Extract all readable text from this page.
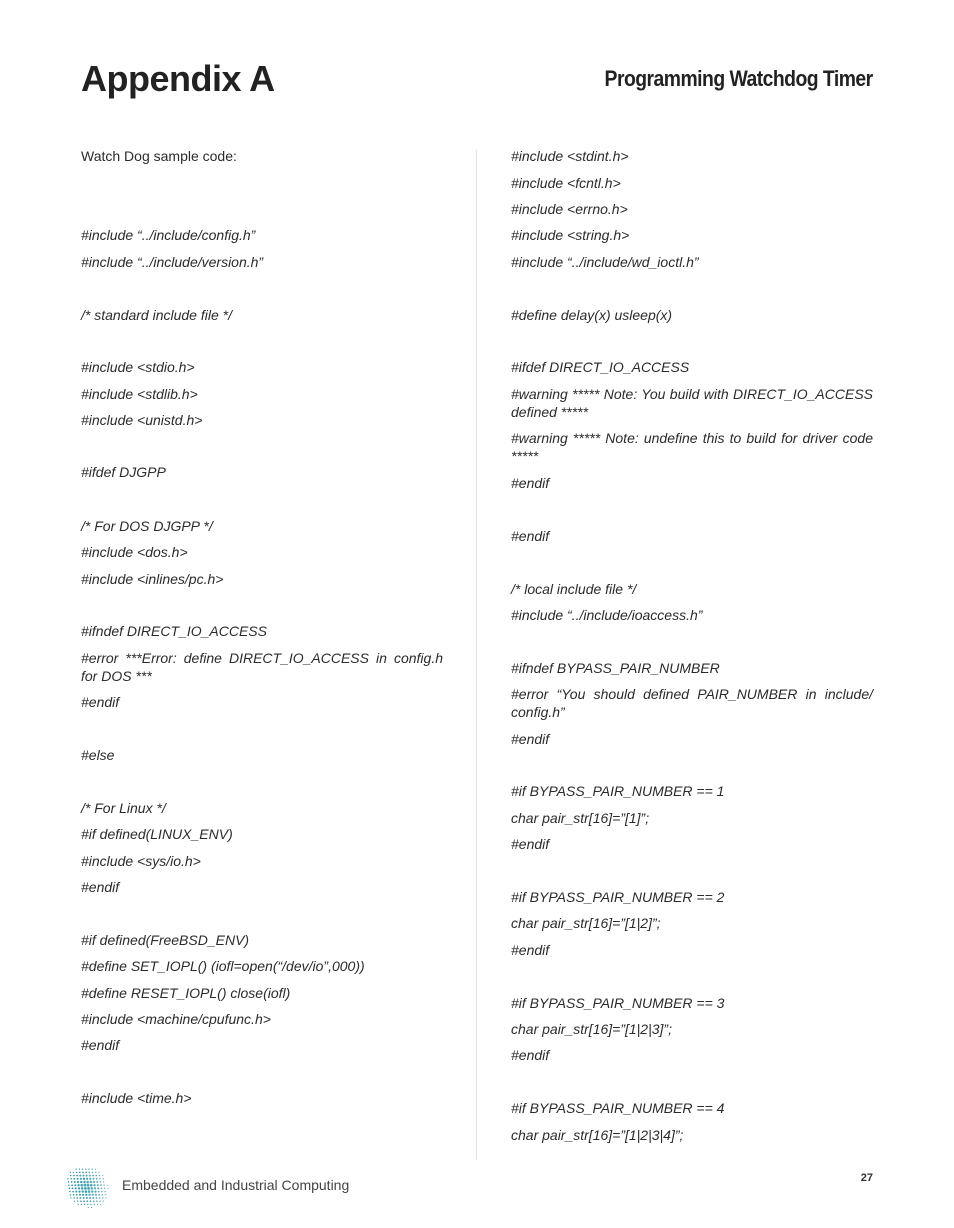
Appendix A	Programming Watchdog Timer
Watch Dog sample code:
#include “../include/config.h”
#include “../include/version.h”
/* standard include file */
#include <stdio.h>
#include <stdlib.h>
#include <unistd.h>
#ifdef DJGPP
/* For DOS DJGPP */
#include <dos.h>
#include <inlines/pc.h>
#ifndef DIRECT_IO_ACCESS
#error ***Error: define DIRECT_IO_ACCESS in config.h for DOS ***
#endif
#else
/* For Linux */
#if defined(LINUX_ENV)
#include <sys/io.h>
#endif
#if defined(FreeBSD_ENV)
#define SET_IOPL() (iofl=open(“/dev/io”,000))
#define RESET_IOPL() close(iofl)
#include <machine/cpufunc.h>
#endif
#include <time.h>
#include <stdint.h>
#include <fcntl.h>
#include <errno.h>
#include <string.h>
#include “../include/wd_ioctl.h”
#define delay(x) usleep(x)
#ifdef DIRECT_IO_ACCESS
#warning ***** Note: You build with DIRECT_IO_ACCESS defined *****
#warning ***** Note: undefine this to build for driver code *****
#endif
#endif
/* local include file */
#include “../include/ioaccess.h”
#ifndef BYPASS_PAIR_NUMBER
#error “You should defined PAIR_NUMBER in include/ config.h”
#endif
#if BYPASS_PAIR_NUMBER == 1
char pair_str[16]=”[1]”;
#endif
#if BYPASS_PAIR_NUMBER == 2
char pair_str[16]=”[1|2]”;
#endif
#if BYPASS_PAIR_NUMBER == 3
char pair_str[16]=”[1|2|3]”;
#endif
#if BYPASS_PAIR_NUMBER == 4
char pair_str[16]=”[1|2|3|4]”;
Embedded and Industrial Computing	27
